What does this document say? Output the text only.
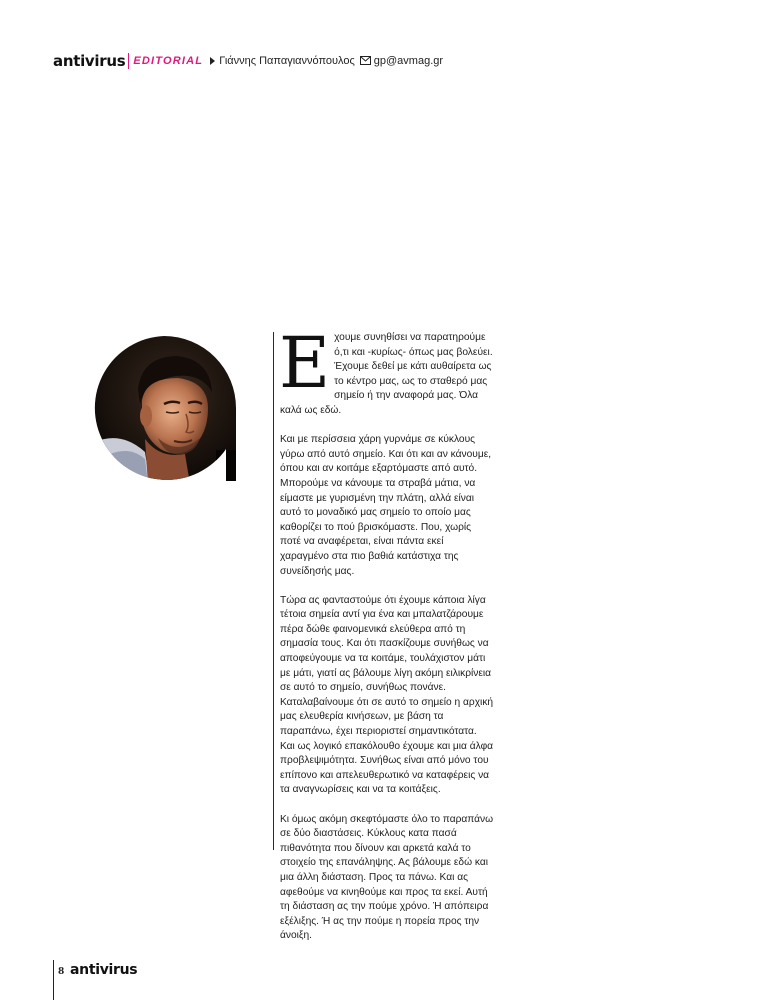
antivirus EDITORIAL Γιάννης Παπαγιαννόπουλος gp@avmag.gr

Εχουμε συνηθίσει να παρατηρούμε ό,τι και -κυρίως- όπως μας βολεύει. Έχουμε δεθεί με κάτι αυθαίρετα ως το κέντρο μας, ως το σταθερό μας σημείο ή την αναφορά μας. Όλα καλά ως εδώ.

Και με περίσσεια χάρη γυρνάμε σε κύκλους γύρω από αυτό σημείο. Και ότι και αν κάνουμε, όπου και αν κοιτάμε εξαρτόμαστε από αυτό. Μπορούμε να κάνουμε τα στραβά μάτια, να είμαστε με γυρισμένη την πλάτη, αλλά είναι αυτό το μοναδικό μας σημείο το οποίο μας καθορίζει το πού βρισκόμαστε. Που, χωρίς ποτέ να αναφέρεται, είναι πάντα εκεί χαραγμένο στα πιο βαθιά κατάστιχα της συνείδησής μας.

Τώρα ας φανταστούμε ότι έχουμε κάποια λίγα τέτοια σημεία αντί για ένα και μπαλατζάρουμε πέρα δώθε φαινομενικά ελεύθερα από τη σημασία τους. Και ότι πασκίζουμε συνήθως να αποφεύγουμε να τα κοιτάμε, τουλάχιστον μάτι με μάτι, γιατί ας βάλουμε λίγη ακόμη ειλικρίνεια σε αυτό το σημείο, συνήθως πονάνε. Καταλαβαίνουμε ότι σε αυτό το σημείο η αρχική μας ελευθερία κινήσεων, με βάση τα παραπάνω, έχει περιοριστεί σημαντικότατα. Και ως λογικό επακόλουθο έχουμε και μια άλφα προβλεψιμότητα. Συνήθως είναι από μόνο του επίπονο και απελευθερωτικό να καταφέρεις να τα αναγνωρίσεις και να τα κοιτάξεις.

Κι όμως ακόμη σκεφτόμαστε όλο το παραπάνω σε δύο διαστάσεις. Κύκλους κατα πασά πιθανότητα που δίνουν και αρκετά καλά το στοιχείο της επανάληψης. Ας βάλουμε εδώ και μια άλλη διάσταση. Προς τα πάνω. Και ας αφεθούμε να κινηθούμε και προς τα εκεί. Αυτή τη διάσταση ας την πούμε χρόνο. Ή απόπειρα εξέλιξης. Ή ας την πούμε η πορεία προς την άνοιξη.

8 antivirus
